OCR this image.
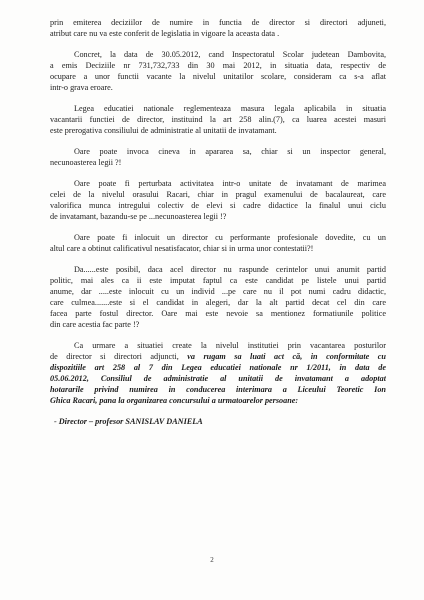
prin emiterea deciziilor de numire in functia de director si directori adjuneti,
atribut care nu va este conferit de legislatia in vigoare la aceasta data .
Concret, la data de 30.05.2012, cand Inspectoratul Scolar judetean Dambovita,
a emis Deciziile nr 731,732,733 din 30 mai 2012, in situatia data, respectiv de
ocupare a unor functii vacante la nivelul unitatilor scolare, consideram ca s-a aflat
intr-o grava eroare.
Legea educatiei nationale reglementeaza masura legala aplicabila in situatia
vacantarii functiei de director, instituind la art 258 alin.(7), ca luarea acestei masuri
este prerogativa consiliului de administratie al unitatii de invatamant.
Oare poate invoca cineva in apararea sa, chiar si un inspector general,
necunoasterea legii ?!
Oare poate fi perturbata activitatea intr-o unitate de invatamant de marimea
celei de la nivelul orasului Racari, chiar in pragul examenului de bacalaureat, care
valorifica munca intregului colectiv de elevi si cadre didactice la finalul unui ciclu
de invatamant, bazandu-se pe ...necunoasterea legii !?
Oare poate fi inlocuit un director cu performante profesionale dovedite, cu un
altul care a obtinut calificativul nesatisfacator, chiar si in urma unor contestatii?!
Da......este posibil, daca acel director nu raspunde cerintelor unui anumit partid
politic, mai ales ca ii este imputat faptul ca este candidat pe listele unui partid
anume, dar .....este inlocuit cu un individ ...pe care nu il pot numi cadru didactic,
care culmea.......este si el candidat in alegeri, dar la alt partid decat cel din care
facea parte fostul director. Oare mai este nevoie sa mentionez formatiunile politice
din care acestia fac parte !?
Ca urmare a situatiei create la nivelul institutiei prin vacantarea posturilor
de director si directori adjuncti, va rugam sa luati act că, in conformitate cu
dispozitiile art 258 al 7 din Legea educatiei nationale nr 1/2011, in data de
05.06.2012, Consiliul de administratie al unitatii de invatamant a adoptat
hotararile privind numirea in conducerea interimara a Liceului Teoretic Ion
Ghica Racari, pana la organizarea concursului a urmatoarelor persoane:
- Director – profesor SANISLAV DANIELA
2
